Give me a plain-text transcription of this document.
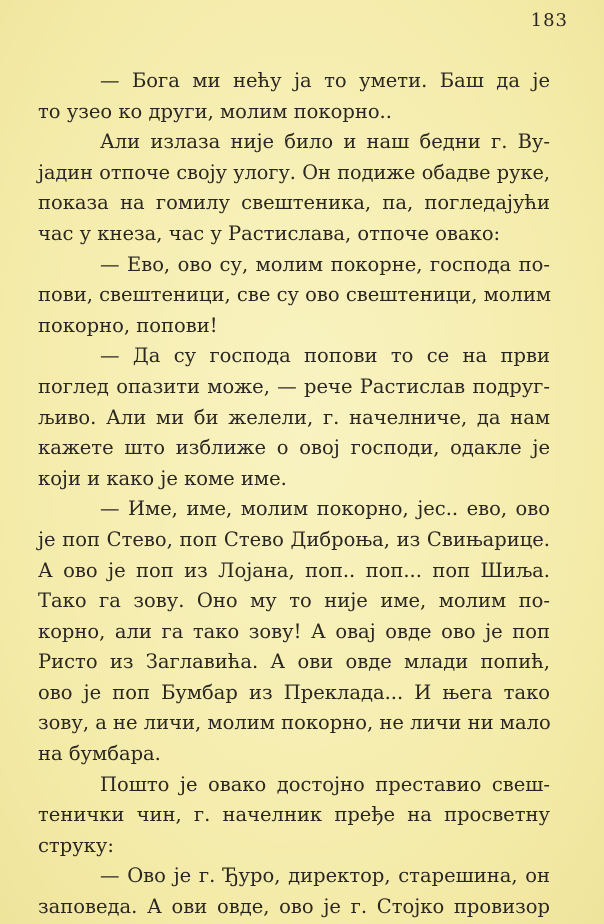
183
— Бога ми нећу ја то умети. Баш да је
то узео ко други, молим покорно..
Али излаза није било и наш бедни г. Ву-
јадин отпоче своју улогу. Он подиже обадве руке,
показа на гомилу свештеника, па, погледајући
час у кнеза, час у Растислава, отпоче овако:
— Ево, ово су, молим покорне, господа по-
пови, свештеници, све су ово свештеници, молим
покорно, попови!
— Да су господа попови то се на први
поглед опазити може, — рече Растислав подруг-
љиво. Али ми би желели, г. начелниче, да нам
кажете што изближе о овој господи, одакле је
који и како је коме име.
— Име, име, молим покорно, јес.. ево, ово
је поп Стево, поп Стево Диброња, из Свињарице.
А ово је поп из Лојана, поп.. поп... поп Шиља.
Тако га зову. Оно му то није име, молим по-
корно, али га тако зову! А овај овде ово је поп
Ристо из Заглавића. А ови овде млади попић,
ово је поп Бумбар из Преклада... И њега тако
зову, а не личи, молим покорно, не личи ни мало
на бумбара.
Пошто је овако достојно преставио свеш-
тенички чин, г. начелник пређе на просветну
струку:
— Ово је г. Ђуро, директор, старешина, он
заповеда. А ови овде, ово је г. Стојко провизор
